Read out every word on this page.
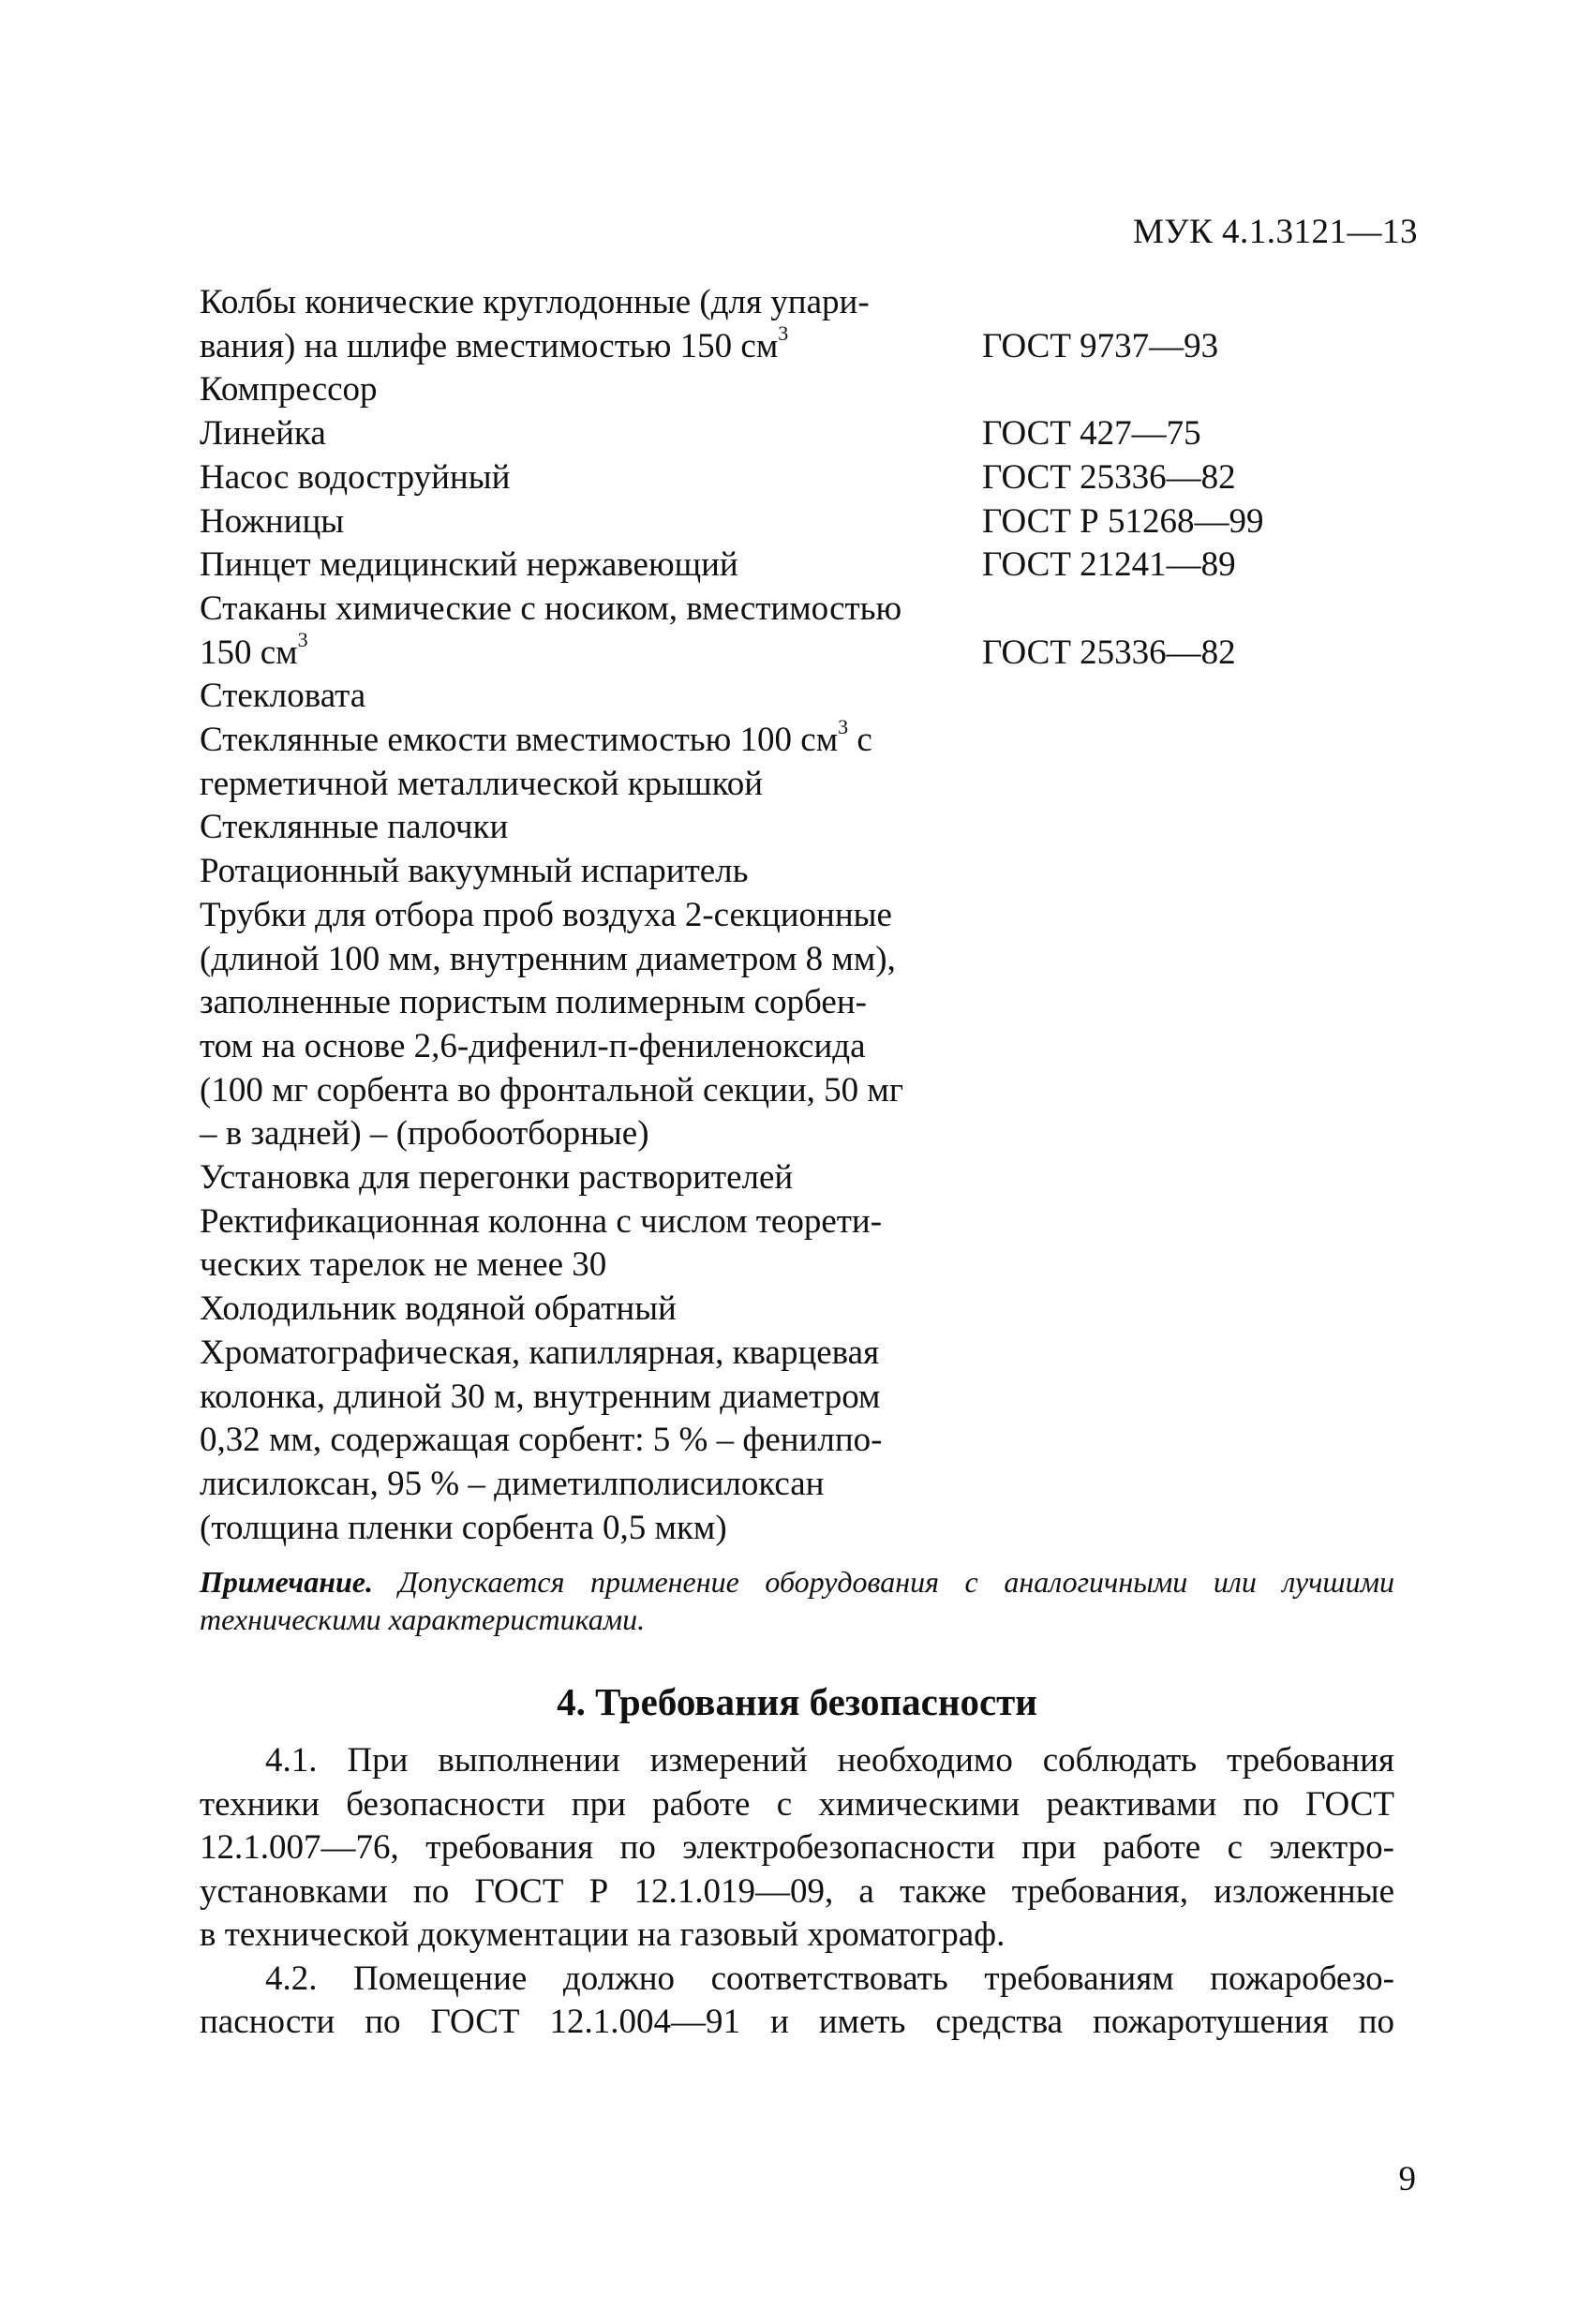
МУК 4.1.3121—13
Колбы конические круглодонные (для упари-
вания) на шлифе вместимостью 150 $см^3$	ГОСТ 9737—93
Компрессор
Линейка	ГОСТ 427—75
Насос водоструйный	ГОСТ 25336—82
Ножницы	ГОСТ Р 51268—99
Пинцет медицинский нержавеющий	ГОСТ 21241—89
Стаканы химические с носиком, вместимостью
150 $см^3$	ГОСТ 25336—82
Стекловата
Стеклянные емкости вместимостью 100 $см^3$ с
герметичной металлической крышкой
Стеклянные палочки
Ротационный вакуумный испаритель
Трубки для отбора проб воздуха 2-секционные
(длиной 100 мм, внутренним диаметром 8 мм),
заполненные пористым полимерным сорбен-
том на основе 2,6-дифенил-п-фениленоксида
(100 мг сорбента во фронтальной секции, 50 мг
– в задней) – (пробоотборные)
Установка для перегонки растворителей
Ректификационная колонна с числом теорети-
ческих тарелок не менее 30
Холодильник водяной обратный
Хроматографическая, капиллярная, кварцевая
колонка, длиной 30 м, внутренним диаметром
0,32 мм, содержащая сорбент: 5 % – фенилпо-
лисилоксан, 95 % – диметилполисилоксан
(толщина пленки сорбента 0,5 мкм)
Примечание. Допускается применение оборудования с аналогичными или лучшими техническими характеристиками.
4. Требования безопасности

4.1. При выполнении измерений необходимо соблюдать требования
техники безопасности при работе с химическими реактивами по ГОСТ
12.1.007—76, требования по электробезопасности при работе с электро-
установками по ГОСТ Р 12.1.019—09, а также требования, изложенные
в технической документации на газовый хроматограф.

4.2. Помещение должно соответствовать требованиям пожаробезо-
пасности по ГОСТ 12.1.004—91 и иметь средства пожаротушения по

9
